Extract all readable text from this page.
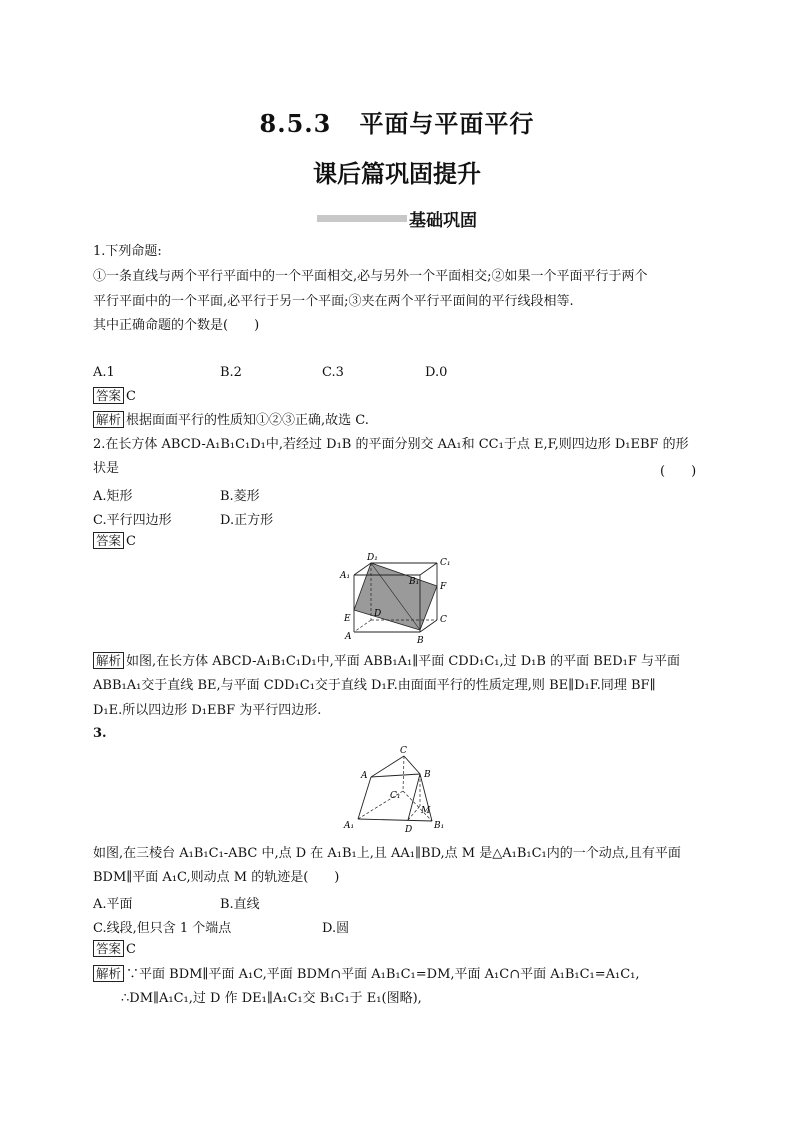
8.5.3 平面与平面平行
课后篇巩固提升
基础巩固
1.下列命题:
①一条直线与两个平行平面中的一个平面相交,必与另外一个平面相交;②如果一个平面平行于两个
平行平面中的一个平面,必平行于另一个平面;③夹在两个平行平面间的平行线段相等.
其中正确命题的个数是(　　)
A.1	B.2	C.3	D.0
答案 C
解析 根据面面平行的性质知①②③正确,故选 C.
2.在长方体 ABCD-A₁B₁C₁D₁中,若经过 D₁B 的平面分别交 AA₁和 CC₁于点 E,F,则四边形 D₁EBF 的形
状是	(　　)
A.矩形	B.菱形
C.平行四边形	D.正方形
答案 C
D₁	C₁
A₁
B₁ F
D
E	C
A	B
解析 如图,在长方体 ABCD-A₁B₁C₁D₁中,平面 ABB₁A₁∥平面 CDD₁C₁,过 D₁B 的平面 BED₁F 与平面
ABB₁A₁交于直线 BE,与平面 CDD₁C₁交于直线 D₁F.由面面平行的性质定理,则 BE∥D₁F.同理 BF∥
D₁E.所以四边形 D₁EBF 为平行四边形.
3.
C
A	B
C₁
M
A₁	D B₁
如图,在三棱台 A₁B₁C₁-ABC 中,点 D 在 A₁B₁上,且 AA₁∥BD,点 M 是△A₁B₁C₁内的一个动点,且有平面
BDM∥平面 A₁C,则动点 M 的轨迹是(　　)
A.平面	B.直线
C.线段,但只含 1 个端点	D.圆
答案 C
解析 ∵平面 BDM∥平面 A₁C,平面 BDM∩平面 A₁B₁C₁=DM,平面 A₁C∩平面 A₁B₁C₁=A₁C₁,
∴DM∥A₁C₁,过 D 作 DE₁∥A₁C₁交 B₁C₁于 E₁(图略),
